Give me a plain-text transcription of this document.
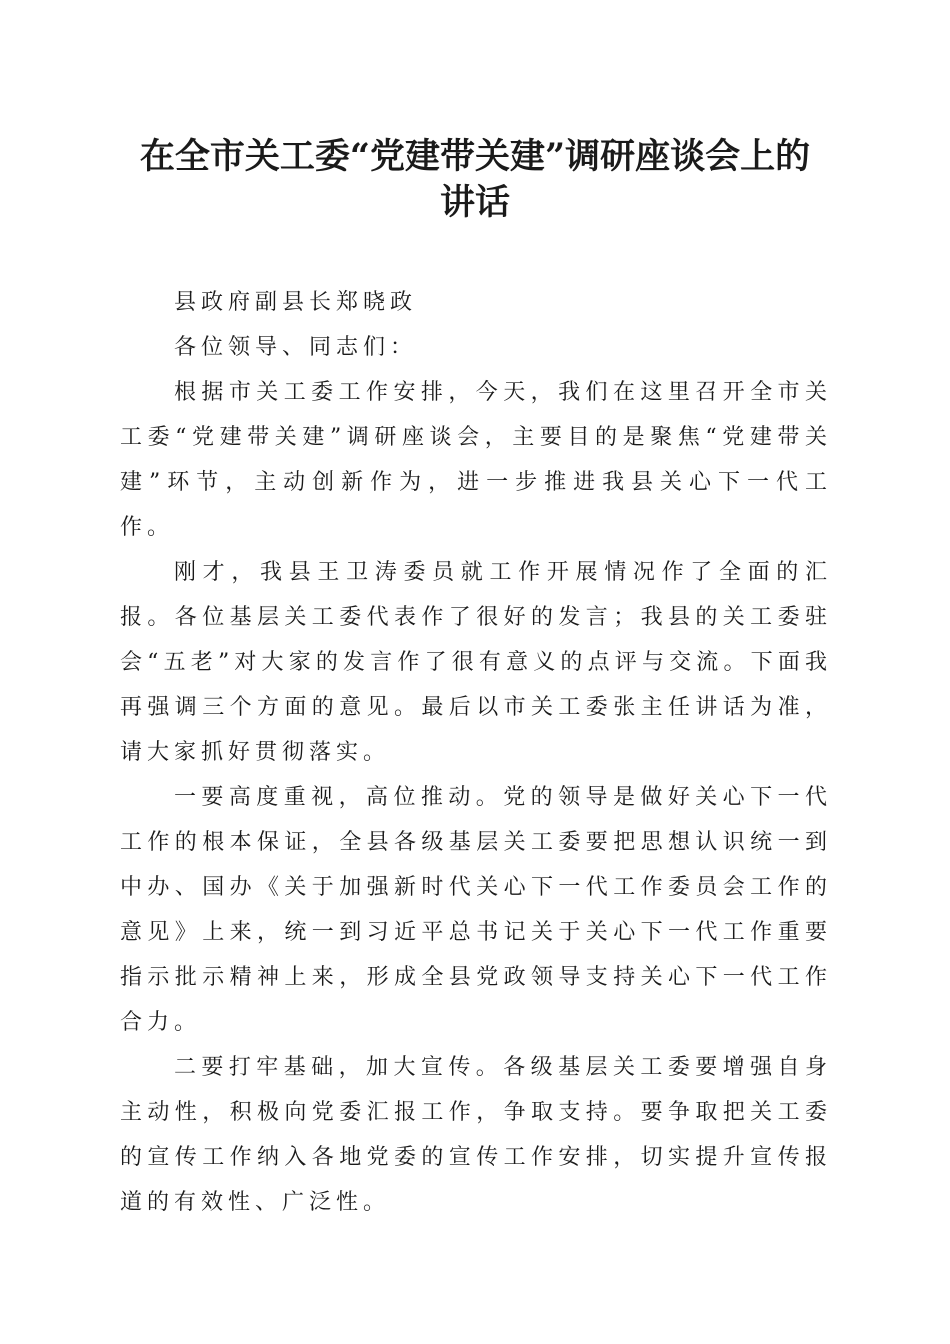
在全市关工委“党建带关建”调研座谈会上的
讲话

县政府副县长郑晓政

各位领导、同志们：

根据市关工委工作安排，今天，我们在这里召开全市关工委“党建带关建”调研座谈会，主要目的是聚焦“党建带关建”环节，主动创新作为，进一步推进我县关心下一代工作。

刚才，我县王卫涛委员就工作开展情况作了全面的汇报。各位基层关工委代表作了很好的发言；我县的关工委驻会“五老”对大家的发言作了很有意义的点评与交流。下面我再强调三个方面的意见。最后以市关工委张主任讲话为准，请大家抓好贯彻落实。

一要高度重视，高位推动。党的领导是做好关心下一代工作的根本保证，全县各级基层关工委要把思想认识统一到中办、国办《关于加强新时代关心下一代工作委员会工作的意见》上来，统一到习近平总书记关于关心下一代工作重要指示批示精神上来，形成全县党政领导支持关心下一代工作合力。

二要打牢基础，加大宣传。各级基层关工委要增强自身主动性，积极向党委汇报工作，争取支持。要争取把关工委的宣传工作纳入各地党委的宣传工作安排，切实提升宣传报道的有效性、广泛性。
